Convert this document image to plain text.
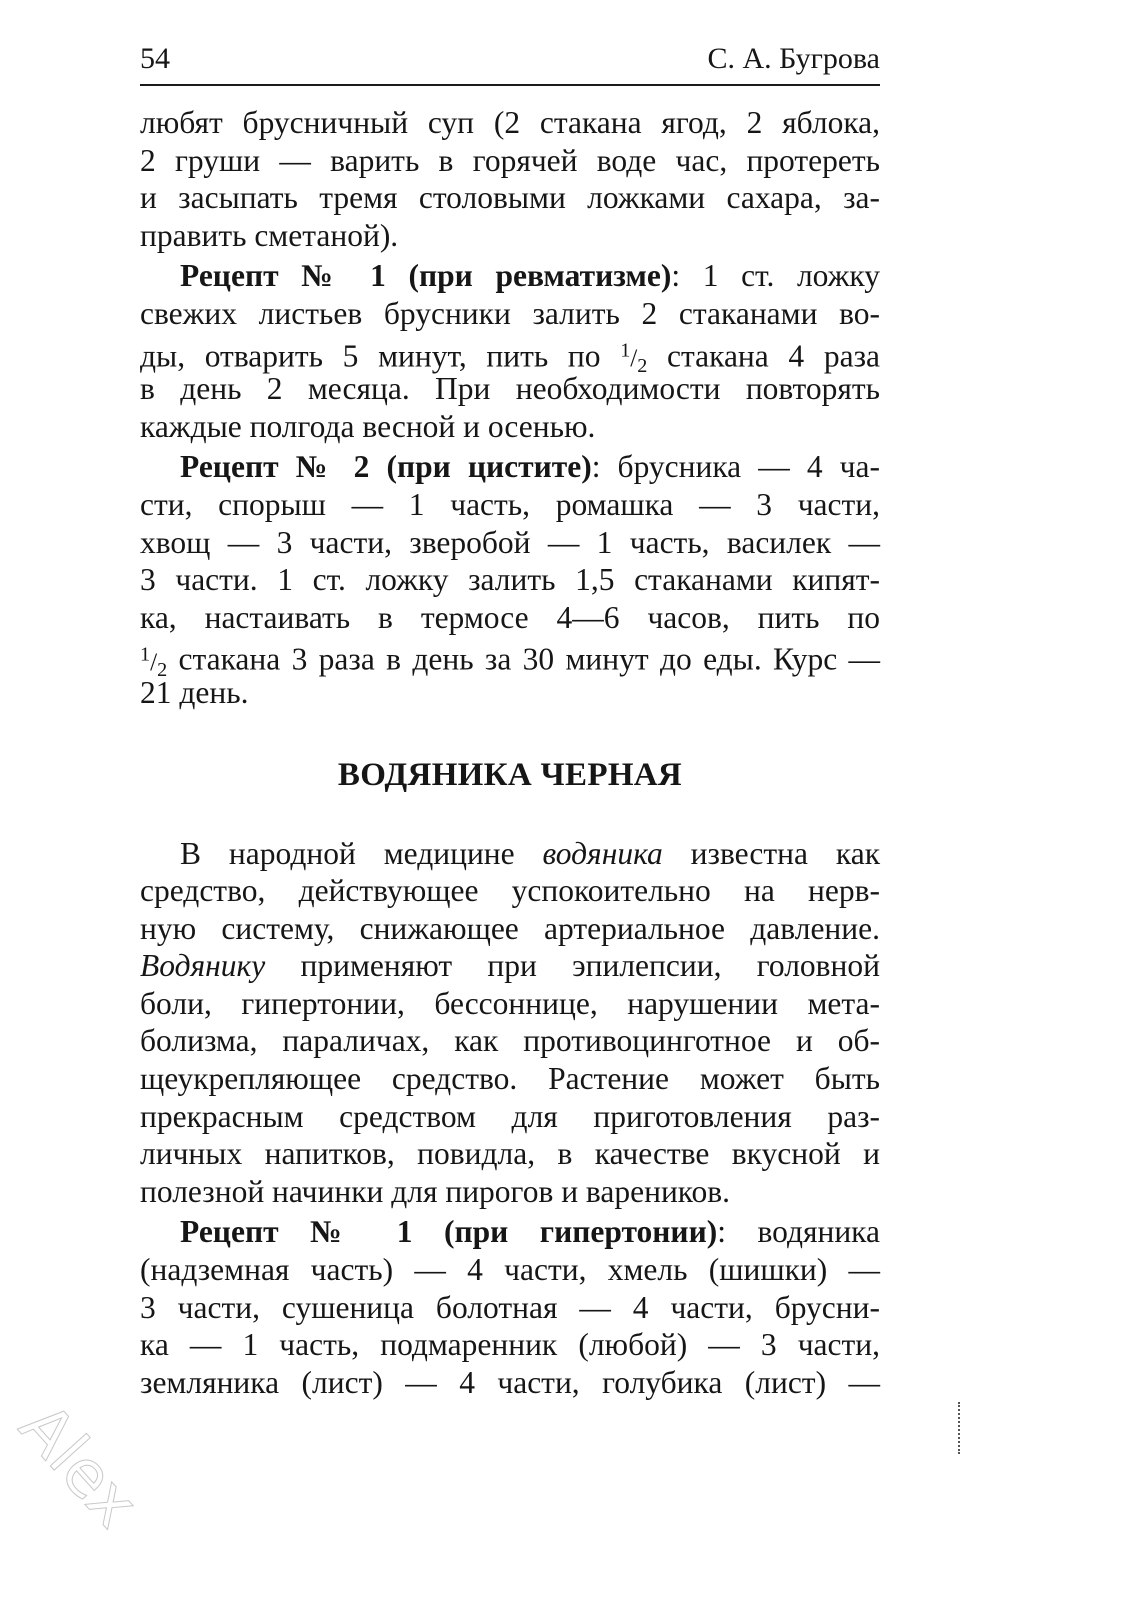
54	С. А. Бугрова
любят брусничный суп (2 стакана ягод, 2 яблока,
2 груши — варить в горячей воде час, протереть
и засыпать тремя столовыми ложками сахара, за-
править сметаной).
Рецепт № 1 (при ревматизме): 1 ст. ложку
свежих листьев брусники залить 2 стаканами во-
ды, отварить 5 минут, пить по $^1/_2$ стакана 4 раза
в день 2 месяца. При необходимости повторять
каждые полгода весной и осенью.
Рецепт № 2 (при цистите): брусника — 4 ча-
сти, спорыш — 1 часть, ромашка — 3 части,
хвощ — 3 части, зверобой — 1 часть, василек —
3 части. 1 ст. ложку залить 1,5 стаканами кипят-
ка, настаивать в термосе 4—6 часов, пить по
$^1/_2$ стакана 3 раза в день за 30 минут до еды. Курс —
21 день.
ВОДЯНИКА ЧЕРНАЯ
В народной медицине водяника известна как
средство, действующее успокоительно на нерв-
ную систему, снижающее артериальное давление.
Водянику применяют при эпилепсии, головной
боли, гипертонии, бессоннице, нарушении мета-
болизма, параличах, как противоцинготное и об-
щеукрепляющее средство. Растение может быть
прекрасным средством для приготовления раз-
личных напитков, повидла, в качестве вкусной и
полезной начинки для пирогов и вареников.
Рецепт № 1 (при гипертонии): водяника
(надземная часть) — 4 части, хмель (шишки) —
3 части, сушеница болотная — 4 части, брусни-
ка — 1 часть, подмаренник (любой) — 3 части,
земляника (лист) — 4 части, голубика (лист) —
Alex
